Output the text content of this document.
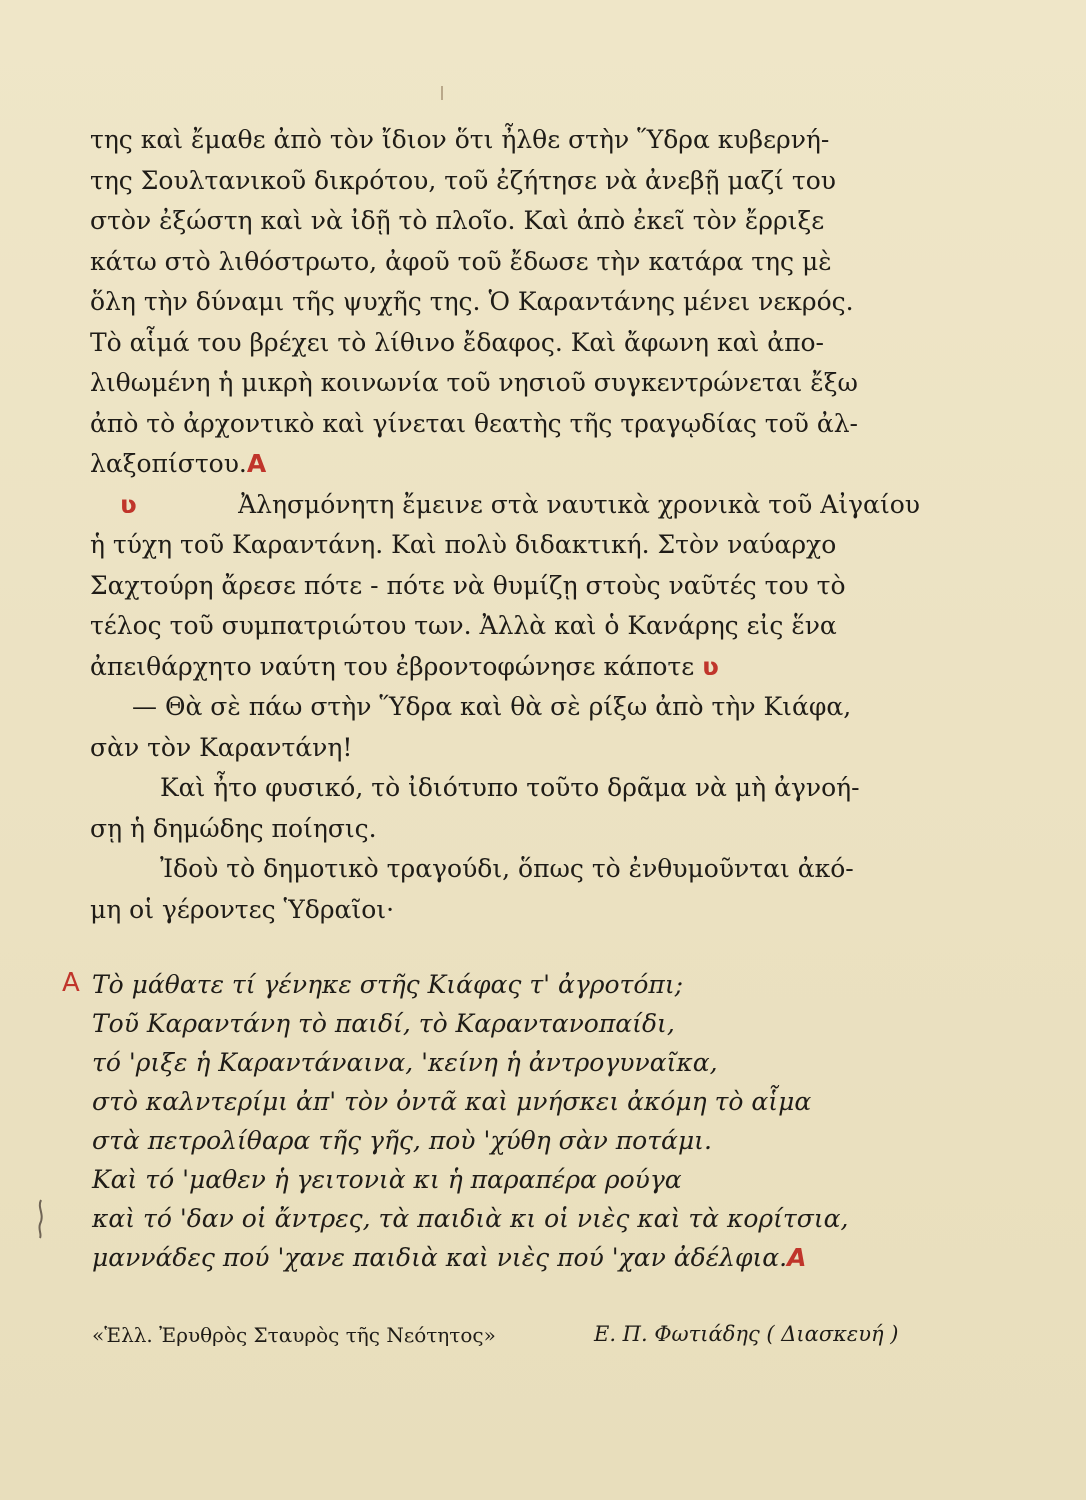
της καὶ ἔμαθε ἀπὸ τὸν ἴδιον ὅτι ἦλθε στὴν Ὕδρα κυβερνή-
της Σουλτανικοῦ δικρότου, τοῦ ἐζήτησε νὰ ἀνεβῇ μαζί του
στὸν ἐξώστη καὶ νὰ ἰδῇ τὸ πλοῖο. Καὶ ἀπὸ ἐκεῖ τὸν ἔρριξε
κάτω στὸ λιθόστρωτο, ἀφοῦ τοῦ ἔδωσε τὴν κατάρα της μὲ
ὅλη τὴν δύναμι τῆς ψυχῆς της. Ὁ Καραντάνης μένει νεκρός.
Τὸ αἷμά του βρέχει τὸ λίθινο ἔδαφος. Καὶ ἄφωνη καὶ ἀπο-
λιθωμένη ἡ μικρὴ κοινωνία τοῦ νησιοῦ συγκεντρώνεται ἔξω
ἀπὸ τὸ ἀρχοντικὸ καὶ γίνεται θεατὴς τῆς τραγῳδίας τοῦ ἀλ-
λαξοπίστου. A
ʋ	Ἀλησμόνητη ἔμεινε στὰ ναυτικὰ χρονικὰ τοῦ Αἰγαίου
ἡ τύχη τοῦ Καραντάνη. Καὶ πολὺ διδακτική. Στὸν ναύαρχο
Σαχτούρη ἄρεσε πότε - πότε νὰ θυμίζῃ στοὺς ναῦτές του τὸ
τέλος τοῦ συμπατριώτου των. Ἀλλὰ καὶ ὁ Κανάρης εἰς ἕνα
ἀπειθάρχητο ναύτη του ἐβροντοφώνησε κάποτε
ʋ
— Θὰ σὲ πάω στὴν Ὕδρα καὶ θὰ σὲ ρίξω ἀπὸ τὴν Κιάφα,
σὰν τὸν Καραντάνη!
Καὶ ἦτο φυσικό, τὸ ἰδιότυπο τοῦτο δρᾶμα νὰ μὴ ἀγνοή-
σῃ ἡ δημώδης ποίησις.
Ἰδοὺ τὸ δημοτικὸ τραγούδι, ὅπως τὸ ἐνθυμοῦνται ἀκό-
μη οἱ γέροντες Ὑδραῖοι·
A Τὸ μάθατε τί γένηκε στῆς Κιάφας τ' ἀγροτόπι;
Τοῦ Καραντάνη τὸ παιδί, τὸ Καραντανοπαίδι,
τό 'ριξε ἡ Καραντάναινα, 'κείνη ἡ ἀντρογυναῖκα,
στὸ καλντερίμι ἀπ' τὸν ὀντᾶ καὶ μνήσκει ἀκόμη τὸ αἷμα
στὰ πετρολίθαρα τῆς γῆς, ποὺ 'χύθη σὰν ποτάμι.
Καὶ τό 'μαθεν ἡ γειτονιὰ κι ἡ παραπέρα ρούγα
καὶ τό 'δαν οἱ ἄντρες, τὰ παιδιὰ κι οἱ νιὲς καὶ τὰ κορίτσια,
μαννάδες πού 'χανε παιδιὰ καὶ νιὲς πού 'χαν ἀδέλφια.A
«Ἑλλ. Ἐρυθρὸς Σταυρὸς τῆς Νεότητος»	Ε. Π. Φωτιάδης ( Διασκευή )
